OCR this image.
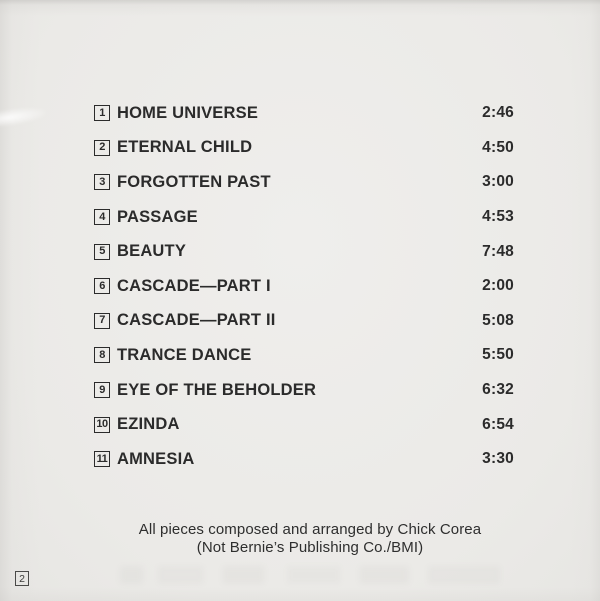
1 HOME UNIVERSE	2:46
2 ETERNAL CHILD	4:50
3 FORGOTTEN PAST	3:00
4 PASSAGE	4:53
5 BEAUTY	7:48
6 CASCADE—PART I	2:00
7 CASCADE—PART II	5:08
8 TRANCE DANCE	5:50
9 EYE OF THE BEHOLDER	6:32
10 EZINDA	6:54
11 AMNESIA	3:30
All pieces composed and arranged by Chick Corea
(Not Bernie’s Publishing Co./BMI)
2
